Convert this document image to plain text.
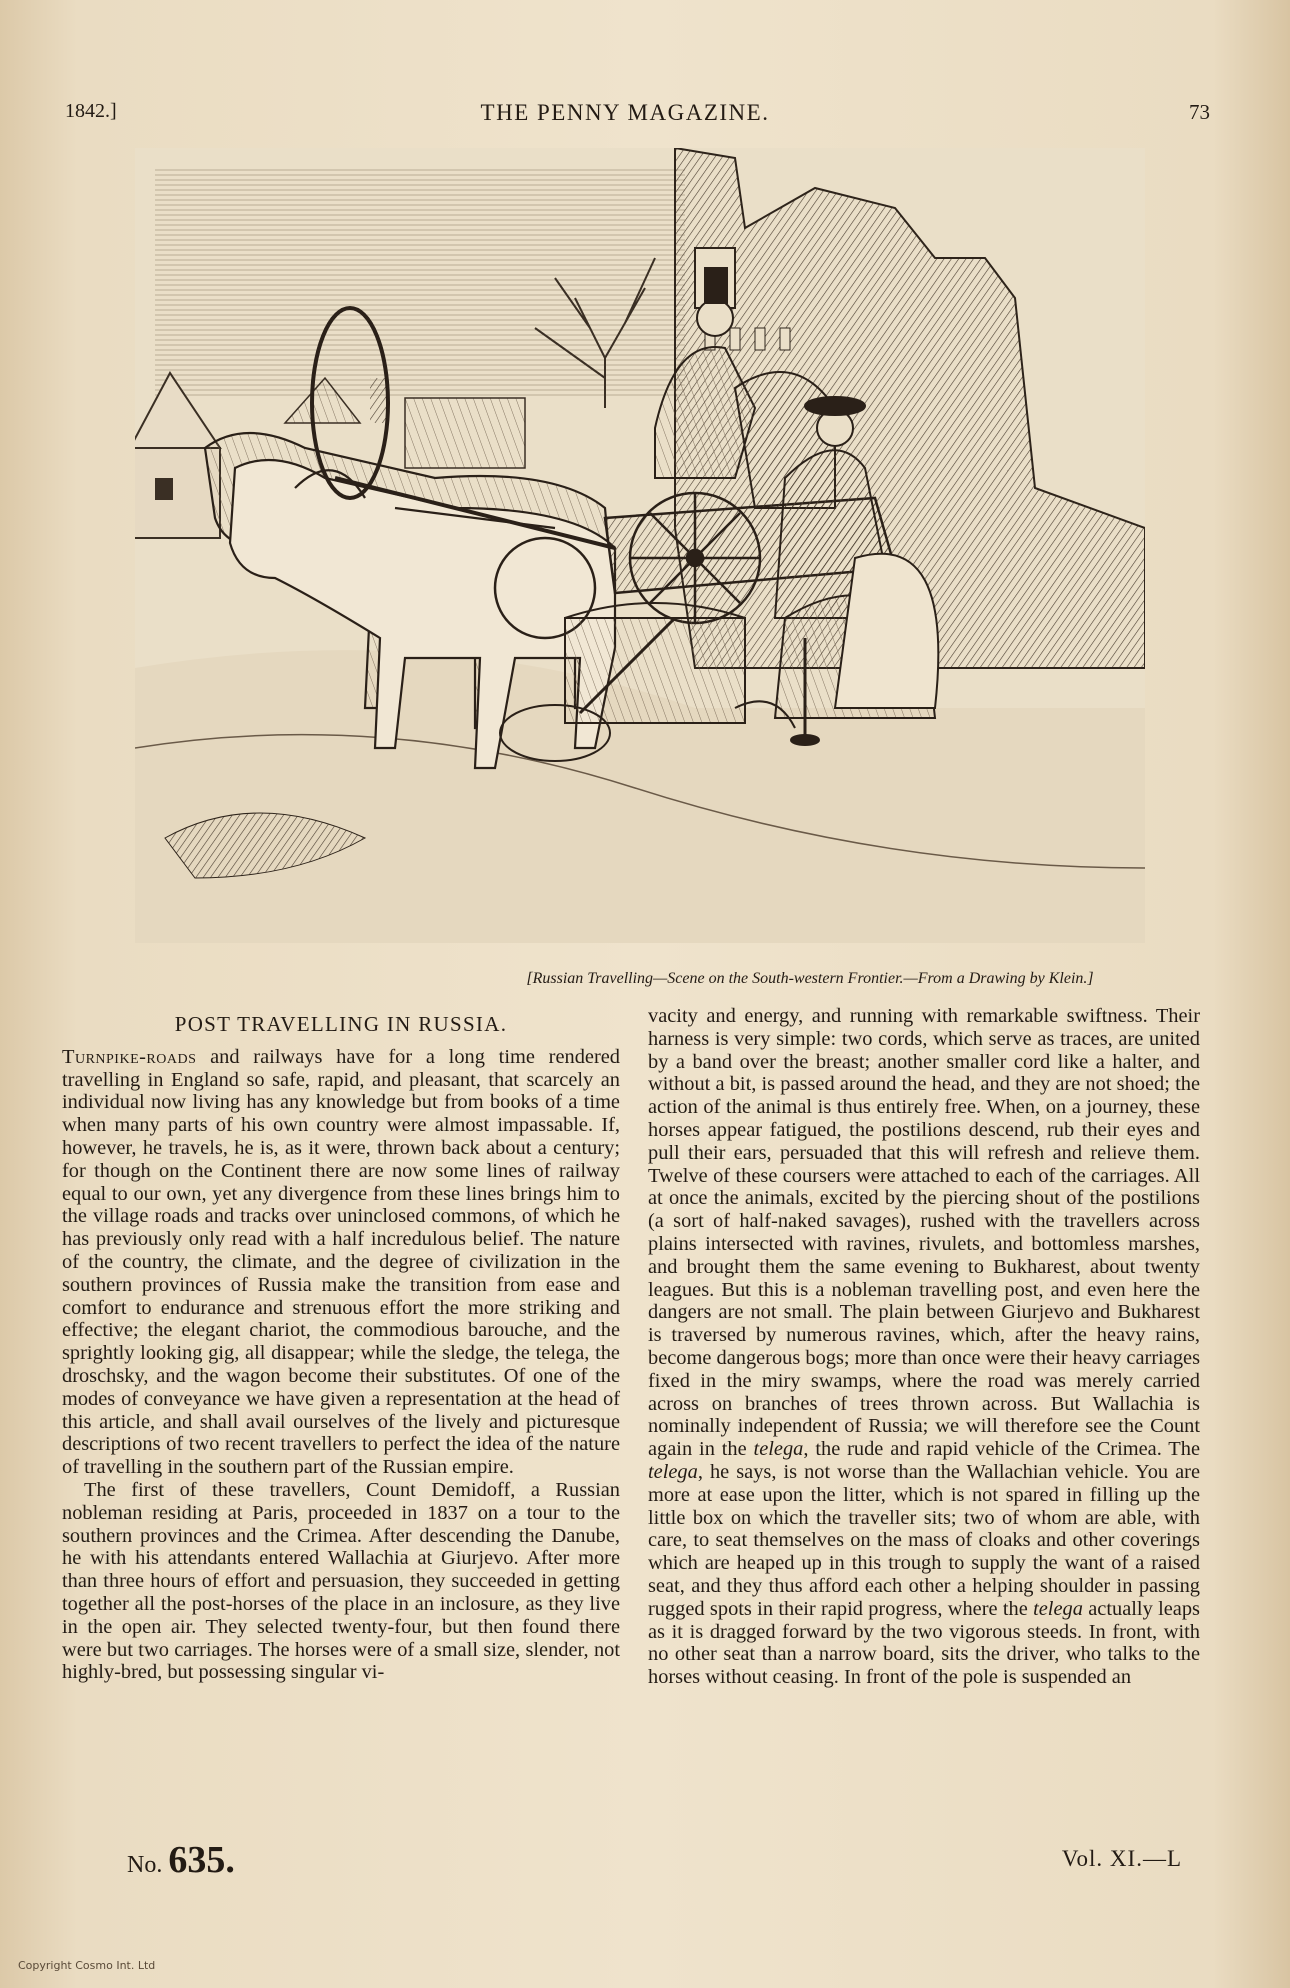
1842.]	THE PENNY MAGAZINE.	73
[Russian Travelling—Scene on the South-western Frontier.—From a Drawing by Klein.]
POST TRAVELLING IN RUSSIA.

Turnpike-roads and railways have for a long time rendered travelling in England so safe, rapid, and pleasant, that scarcely an individual now living has any knowledge but from books of a time when many parts of his own country were almost impassable. If, however, he travels, he is, as it were, thrown back about a century; for though on the Continent there are now some lines of railway equal to our own, yet any divergence from these lines brings him to the village roads and tracks over uninclosed commons, of which he has previously only read with a half incredulous belief. The nature of the country, the climate, and the degree of civilization in the southern provinces of Russia make the transition from ease and comfort to endurance and strenuous effort the more striking and effective; the elegant chariot, the commodious barouche, and the sprightly looking gig, all disappear; while the sledge, the telega, the droschsky, and the wagon become their substitutes. Of one of the modes of conveyance we have given a representation at the head of this article, and shall avail ourselves of the lively and picturesque descriptions of two recent travellers to perfect the idea of the nature of travelling in the southern part of the Russian empire.

The first of these travellers, Count Demidoff, a Russian nobleman residing at Paris, proceeded in 1837 on a tour to the southern provinces and the Crimea. After descending the Danube, he with his attendants entered Wallachia at Giurjevo. After more than three hours of effort and persuasion, they succeeded in getting together all the post-horses of the place in an inclosure, as they live in the open air. They selected twenty-four, but then found there were but two carriages. The horses were of a small size, slender, not highly-bred, but possessing singular vi-

vacity and energy, and running with remarkable swiftness. Their harness is very simple: two cords, which serve as traces, are united by a band over the breast; another smaller cord like a halter, and without a bit, is passed around the head, and they are not shoed; the action of the animal is thus entirely free. When, on a journey, these horses appear fatigued, the postilions descend, rub their eyes and pull their ears, persuaded that this will refresh and relieve them. Twelve of these coursers were attached to each of the carriages. All at once the animals, excited by the piercing shout of the postilions (a sort of half-naked savages), rushed with the travellers across plains intersected with ravines, rivulets, and bottomless marshes, and brought them the same evening to Bukharest, about twenty leagues. But this is a nobleman travelling post, and even here the dangers are not small. The plain between Giurjevo and Bukharest is traversed by numerous ravines, which, after the heavy rains, become dangerous bogs; more than once were their heavy carriages fixed in the miry swamps, where the road was merely carried across on branches of trees thrown across. But Wallachia is nominally independent of Russia; we will therefore see the Count again in the telega, the rude and rapid vehicle of the Crimea. The telega, he says, is not worse than the Wallachian vehicle. You are more at ease upon the litter, which is not spared in filling up the little box on which the traveller sits; two of whom are able, with care, to seat themselves on the mass of cloaks and other coverings which are heaped up in this trough to supply the want of a raised seat, and they thus afford each other a helping shoulder in passing rugged spots in their rapid progress, where the telega actually leaps as it is dragged forward by the two vigorous steeds. In front, with no other seat than a narrow board, sits the driver, who talks to the horses without ceasing. In front of the pole is suspended an

No. 635.	Vol. XI.—L
Copyright Cosmo Int. Ltd
